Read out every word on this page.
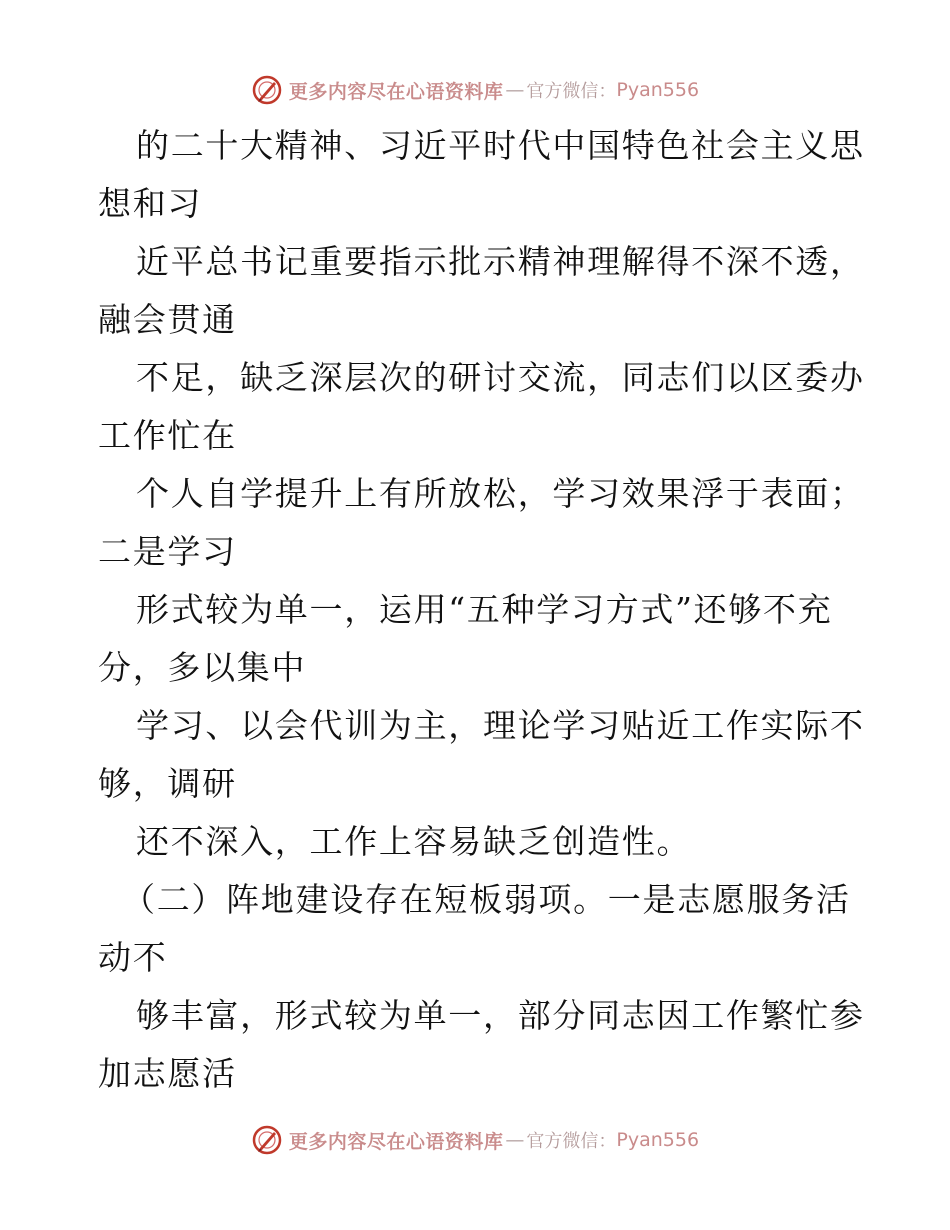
更多内容尽在心语资料库 — 官方微信： Pyan556
的二十大精神、习近平时代中国特色社会主义思
想和习
近平总书记重要指示批示精神理解得不深不透，
融会贯通
不足，缺乏深层次的研讨交流，同志们以区委办
工作忙在
个人自学提升上有所放松，学习效果浮于表面；
二是学习
形式较为单一，运用“五种学习方式”还够不充
分，多以集中
学习、以会代训为主，理论学习贴近工作实际不
够，调研
还不深入，工作上容易缺乏创造性。
（二）阵地建设存在短板弱项。一是志愿服务活
动不
够丰富，形式较为单一，部分同志因工作繁忙参
加志愿活
更多内容尽在心语资料库 — 官方微信： Pyan556
